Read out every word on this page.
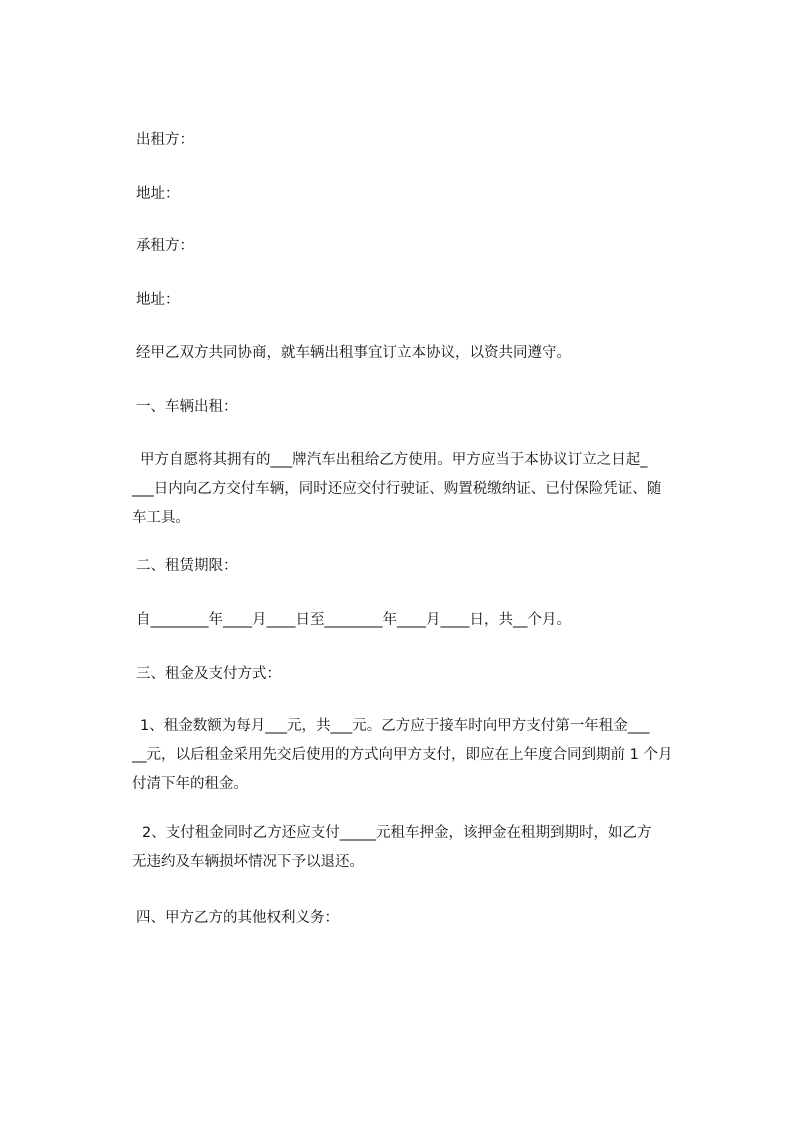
出租方：

地址：

承租方：

地址：

经甲乙双方共同协商，就车辆出租事宜订立本协议，以资共同遵守。

一、车辆出租：

甲方自愿将其拥有的___牌汽车出租给乙方使用。甲方应当于本协议订立之日起_
___日内向乙方交付车辆，同时还应交付行驶证、购置税缴纳证、已付保险凭证、随
车工具。

二、租赁期限：

自________年____月____日至________年____月____日，共__个月。

三、租金及支付方式：

1、租金数额为每月___元，共___元。乙方应于接车时向甲方支付第一年租金___
__元，以后租金采用先交后使用的方式向甲方支付，即应在上年度合同到期前 1 个月
付清下年的租金。
2、支付租金同时乙方还应支付_____元租车押金，该押金在租期到期时，如乙方
无违约及车辆损坏情况下予以退还。

四、甲方乙方的其他权利义务：
